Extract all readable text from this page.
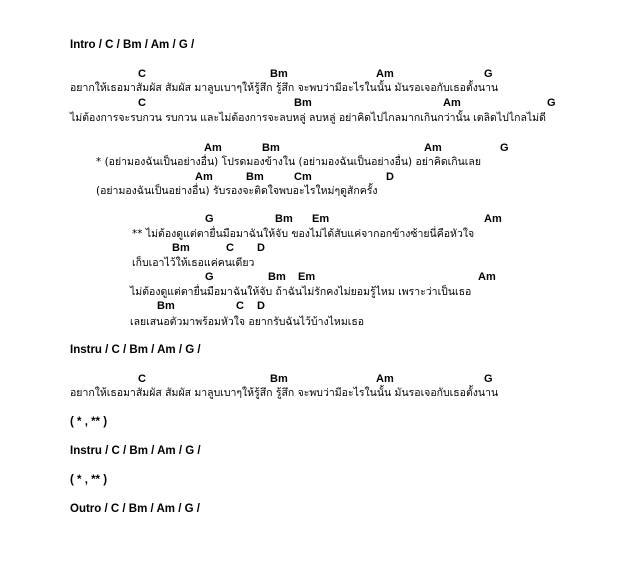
Intro / C / Bm / Am / G /
C	Bm	Am	G
อยากให้เธอมาสัมผัส สัมผัส มาลูบเบาๆให้รู้สึก รู้สึก จะพบว่ามีอะไรในนั้น มันรอเจอกับเธอตั้งนาน
C	Bm	Am	G
ไม่ต้องการจะรบกวน รบกวน และไม่ต้องการจะลบหลู่ ลบหลู่ อย่าคิดไปไกลมากเกินกว่านั้น เตลิดไปไกลไม่ดี
Am	Bm	Am	G
* (อย่ามองฉันเป็นอย่างอื่น) โปรดมองข้างใน (อย่ามองฉันเป็นอย่างอื่น) อย่าคิดเกินเลย
Am	Bm	Cm	D
(อย่ามองฉันเป็นอย่างอื่น) รับรองจะติดใจพบอะไรใหม่ๆดูสักครั้ง
G	Bm Em	Am
** ไม่ต้องดูแต่ตายื่นมือมาฉันให้จับ ของไม่ได้สับแค่จากอกข้างซ้ายนี่คือหัวใจ
Bm	C D
เก็บเอาไว้ให้เธอแค่คนเดียว
G	Bm Em	Am
ไม่ต้องดูแต่ตายื่นมือมาฉันให้จับ ถ้าฉันไม่รักคงไม่ยอมรู้ไหม เพราะว่าเป็นเธอ
Bm	C D
เลยเสนอตัวมาพร้อมหัวใจ อยากรับฉันไว้บ้างไหมเธอ
Instru / C / Bm / Am / G /
C	Bm	Am	G
อยากให้เธอมาสัมผัส สัมผัส มาลูบเบาๆให้รู้สึก รู้สึก จะพบว่ามีอะไรในนั้น มันรอเจอกับเธอตั้งนาน
( * , ** )
Instru / C / Bm / Am / G /
( * , ** )
Outro / C / Bm / Am / G /
